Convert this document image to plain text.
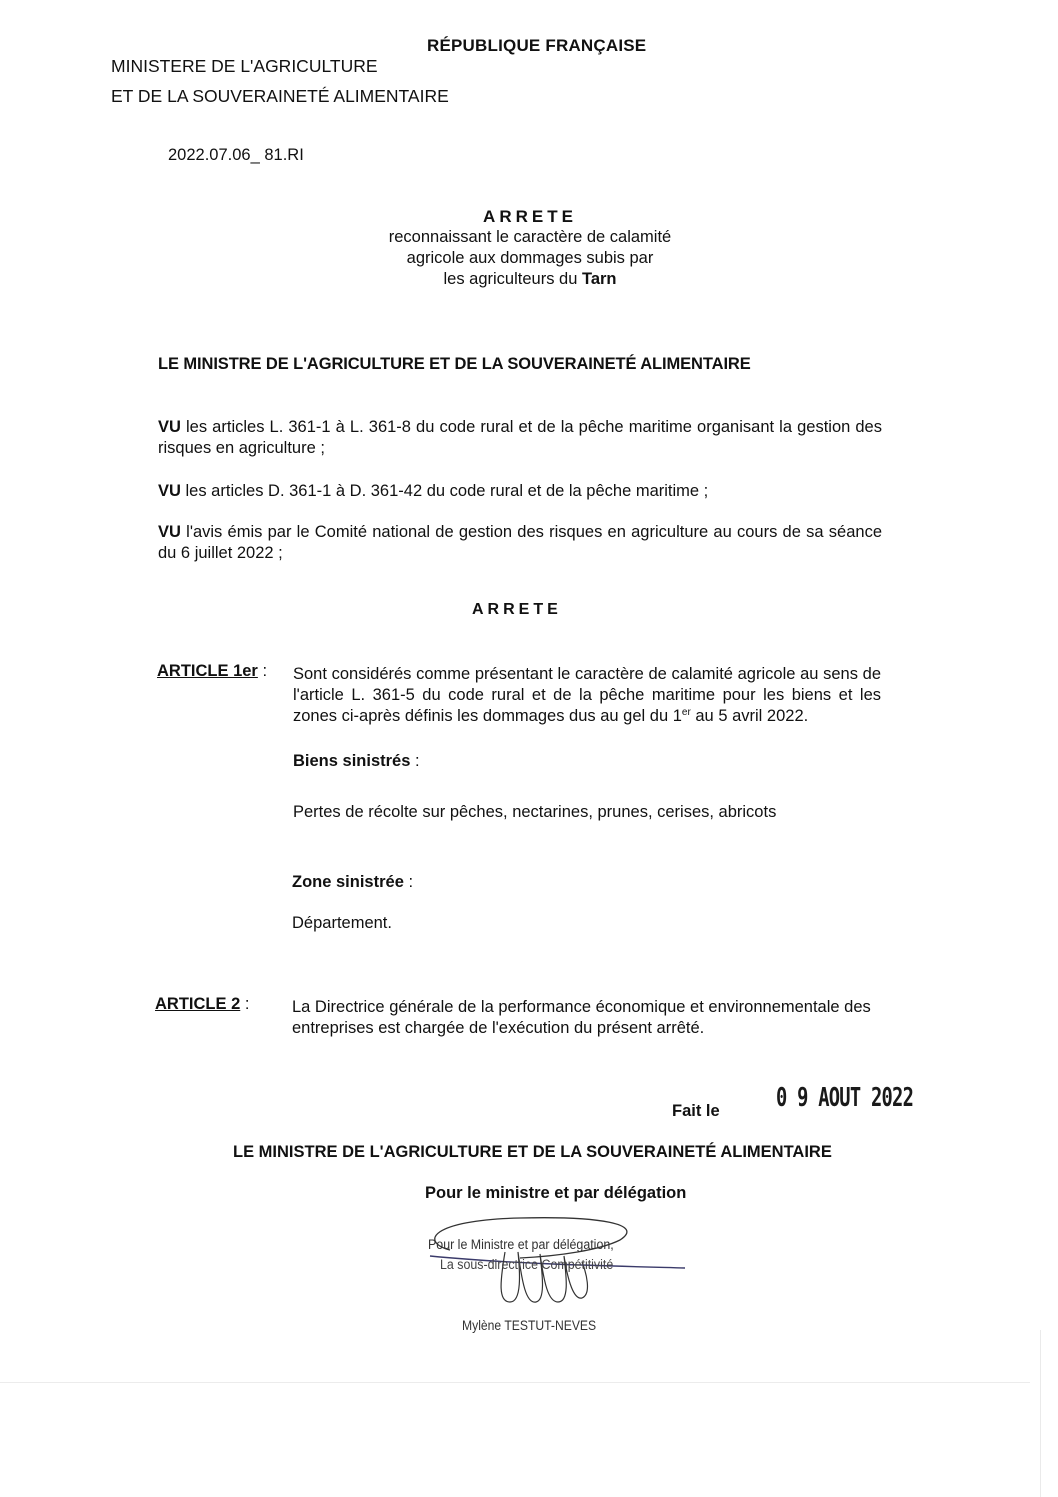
RÉPUBLIQUE FRANÇAISE
MINISTERE DE L'AGRICULTURE
ET DE LA SOUVERAINETÉ ALIMENTAIRE
2022.07.06_ 81.RI
ARRETE
reconnaissant le caractère de calamité
agricole aux dommages subis par
les agriculteurs du Tarn
LE MINISTRE DE L'AGRICULTURE ET DE LA SOUVERAINETÉ ALIMENTAIRE
VU les articles L. 361-1 à L. 361-8 du code rural et de la pêche maritime organisant la gestion des risques en agriculture ;
VU les articles D. 361-1 à D. 361-42 du code rural et de la pêche maritime ;
VU l'avis émis par le Comité national de gestion des risques en agriculture au cours de sa séance du 6 juillet 2022 ;
ARRETE
ARTICLE 1er : Sont considérés comme présentant le caractère de calamité agricole au sens de l'article L. 361-5 du code rural et de la pêche maritime pour les biens et les zones ci-après définis les dommages dus au gel du 1er au 5 avril 2022.
Biens sinistrés :
Pertes de récolte sur pêches, nectarines, prunes, cerises, abricots
Zone sinistrée :
Département.
ARTICLE 2 :	La Directrice générale de la performance économique et environnementale des entreprises est chargée de l'exécution du présent arrêté.
Fait le 0 9 AOUT 2022
LE MINISTRE DE L'AGRICULTURE ET DE LA SOUVERAINETÉ ALIMENTAIRE
Pour le ministre et par délégation
Pour le Ministre et par délégation,
La sous-directrice Compétitivité
Mylène TESTUT-NEVES
